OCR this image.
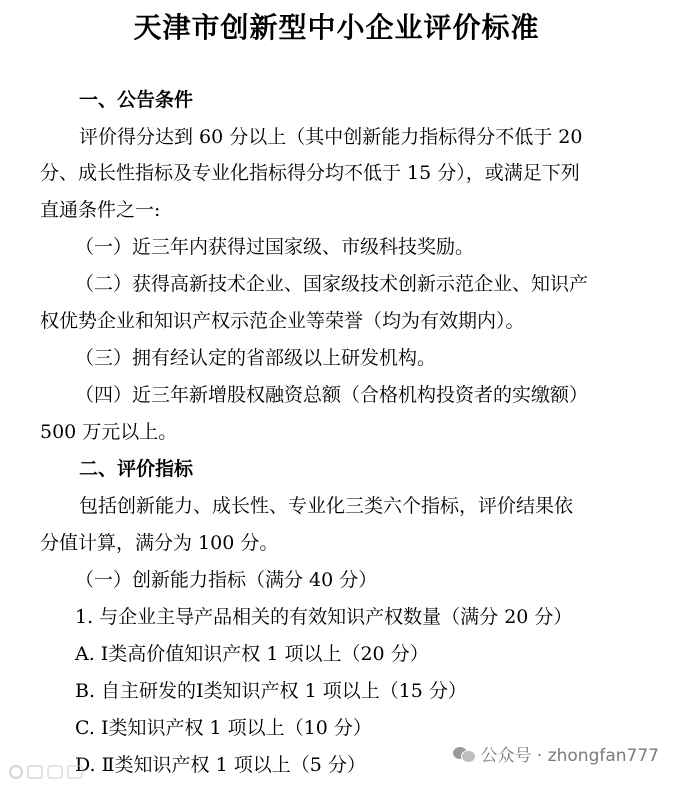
天津市创新型中小企业评价标准
一、公告条件
评价得分达到 60 分以上（其中创新能力指标得分不低于 20
分、成长性指标及专业化指标得分均不低于 15 分），或满足下列
直通条件之一:
（一）近三年内获得过国家级、市级科技奖励。
（二）获得高新技术企业、国家级技术创新示范企业、知识产
权优势企业和知识产权示范企业等荣誉（均为有效期内）。
（三）拥有经认定的省部级以上研发机构。
（四）近三年新增股权融资总额（合格机构投资者的实缴额）
500 万元以上。
二、评价指标
包括创新能力、成长性、专业化三类六个指标，评价结果依
分值计算，满分为 100 分。
（一）创新能力指标（满分 40 分）
1. 与企业主导产品相关的有效知识产权数量（满分 20 分）
A. Ⅰ类高价值知识产权 1 项以上（20 分）
B. 自主研发的Ⅰ类知识产权 1 项以上（15 分）
C. Ⅰ类知识产权 1 项以上（10 分）
D. Ⅱ类知识产权 1 项以上（5 分）	公众号 · zhongfan777
